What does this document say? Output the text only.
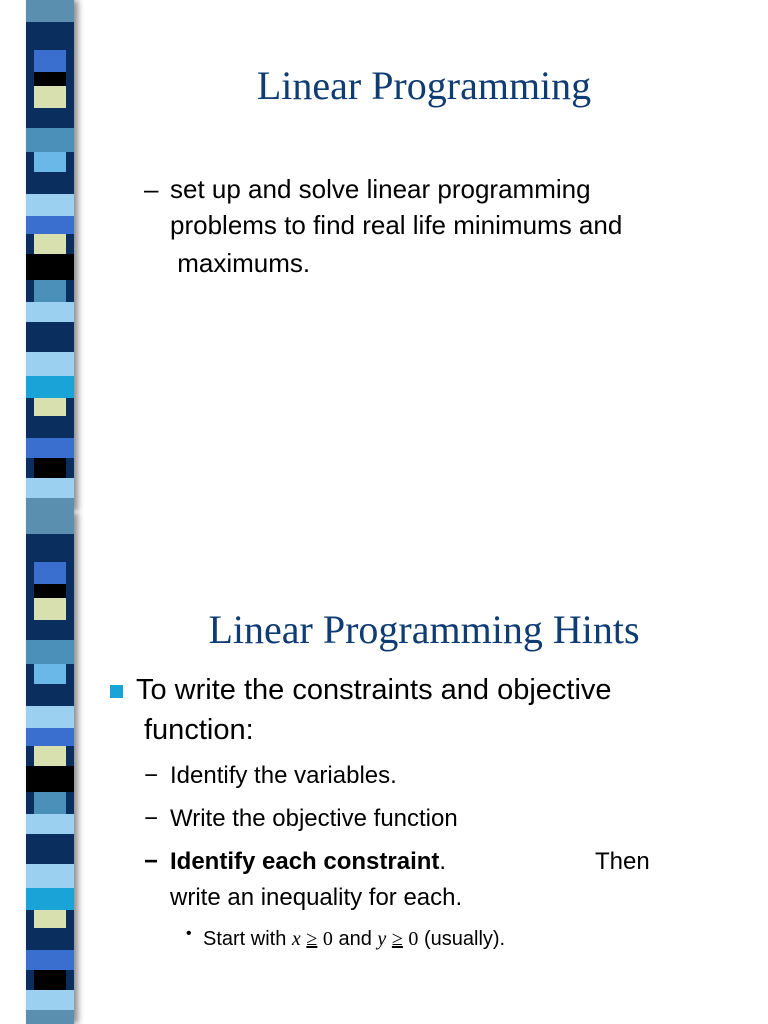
Linear Programming
– set up and solve linear programming
problems to find real life minimums and
maximums.
Linear Programming Hints
To write the constraints and objective
function:
− Identify the variables.
− Write the objective function
− Identify each constraint.	Then
write an inequality for each.
• Start with x ≥ 0 and y ≥ 0 (usually).
